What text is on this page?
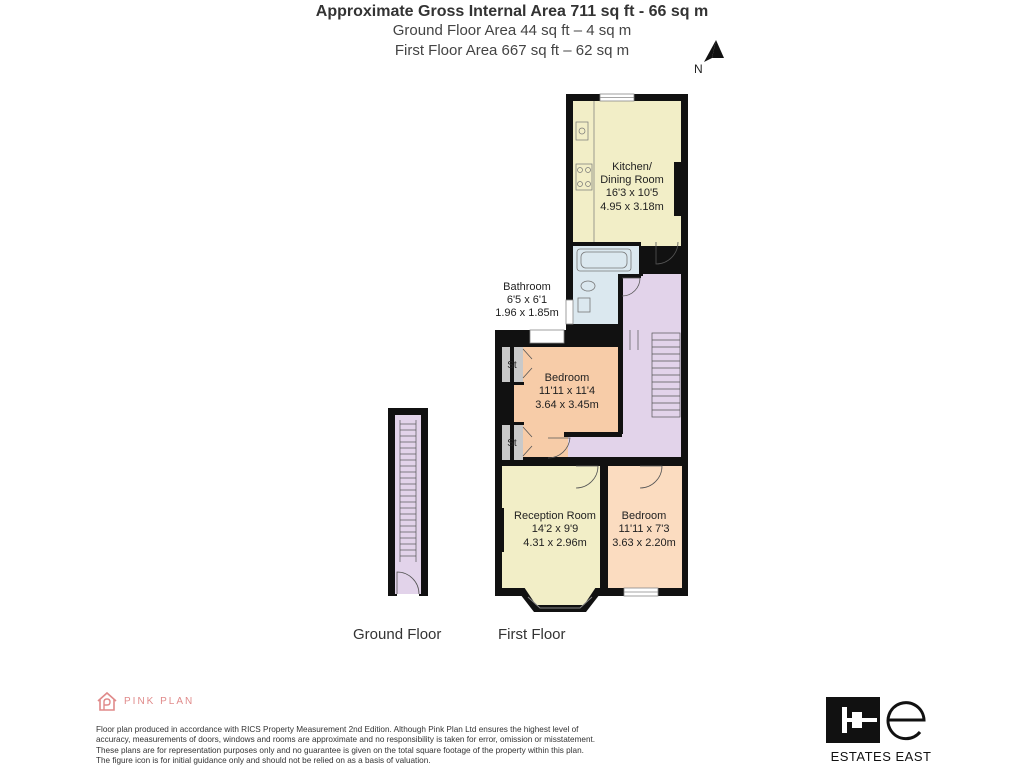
Approximate Gross Internal Area 711 sq ft - 66 sq m
Ground Floor Area 44 sq ft – 4 sq m
First Floor Area 667 sq ft – 62 sq m
N
Kitchen/
Dining Room
16'3 x 10'5
4.95 x 3.18m
Bathroom
6'5 x 6'1
1.96 x 1.85m
Bedroom
11'11 x 11'4
3.64 x 3.45m
Reception Room
14'2 x 9'9
4.31 x 2.96m
Bedroom
11'11 x 7'3
3.63 x 2.20m
St
St
Ground Floor	First Floor
PINK PLAN
Floor plan produced in accordance with RICS Property Measurement 2nd Edition. Although Pink Plan Ltd ensures the highest level of accuracy, measurements of doors, windows and rooms are approximate and no responsibility is taken for error, omission or misstatement. These plans are for representation purposes only and no guarantee is given on the total square footage of the property within this plan. The figure icon is for initial guidance only and should not be relied on as a basis of valuation.	ESTATES EAST
